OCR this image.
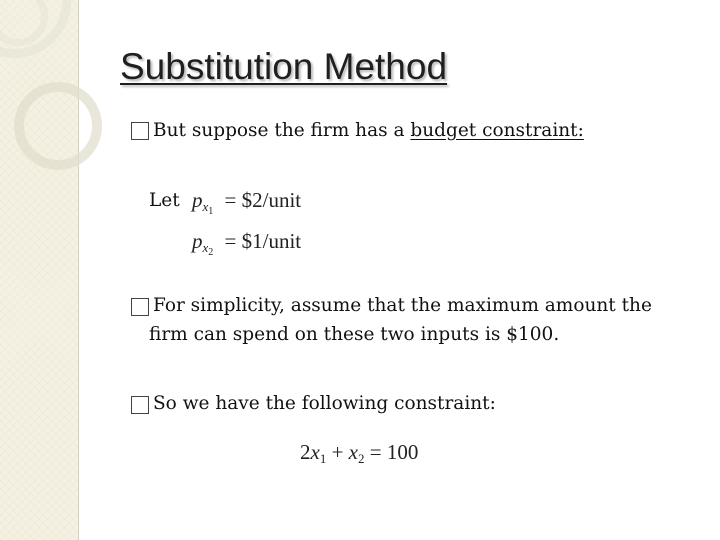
Substitution Method
But suppose the firm has a budget constraint:
Let $p_{x_1}$ = $2/unit
$p_{x_2}$ = $1/unit
For simplicity, assume that the maximum amount the
firm can spend on these two inputs is $100.
So we have the following constraint:
$2x_1 + x_2 = 100$
